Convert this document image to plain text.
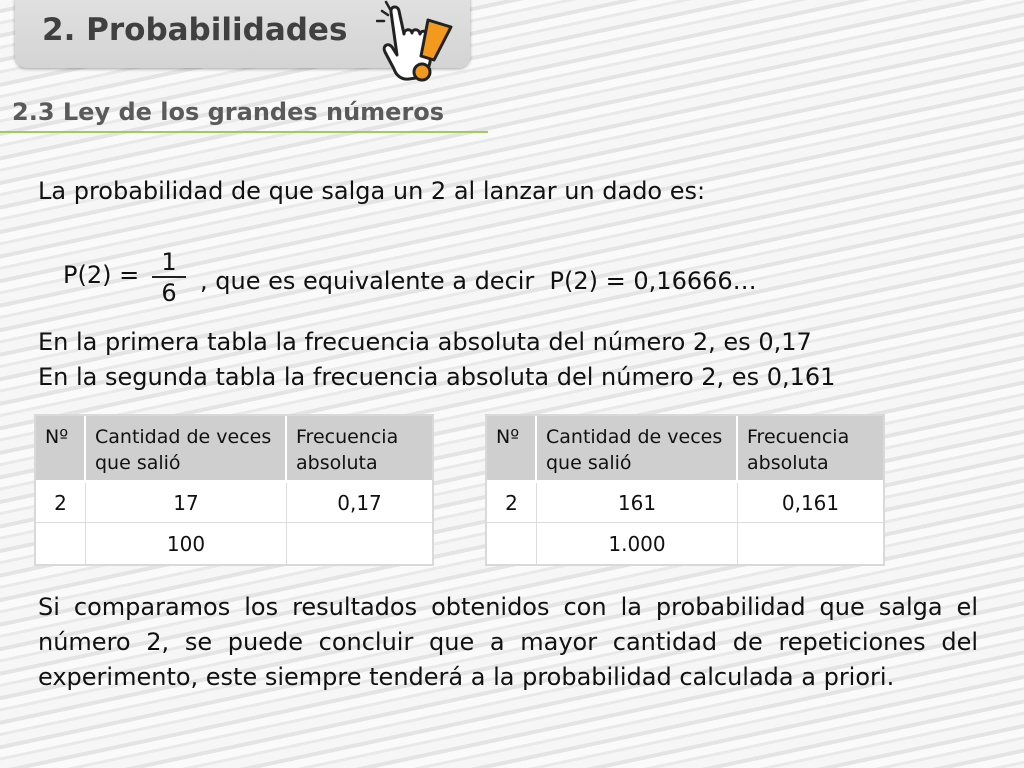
2. Probabilidades
2.3 Ley de los grandes números
La probabilidad de que salga un 2 al lanzar un dado es:
P(2) = 1
6 , que es equivalente a decir  P(2) = 0,16666…
En la primera tabla la frecuencia absoluta del número 2, es 0,17
En la segunda tabla la frecuencia absoluta del número 2, es 0,161
Nº	Cantidad de veces que salió	Frecuencia absoluta
2	17	0,17
	100	
Nº	Cantidad de veces que salió	Frecuencia absoluta
2	161	0,161
	1.000	
Si comparamos los resultados obtenidos con la probabilidad que salga el número 2, se puede concluir que a mayor cantidad de repeticiones del experimento, este siempre tenderá a la probabilidad calculada a priori.
